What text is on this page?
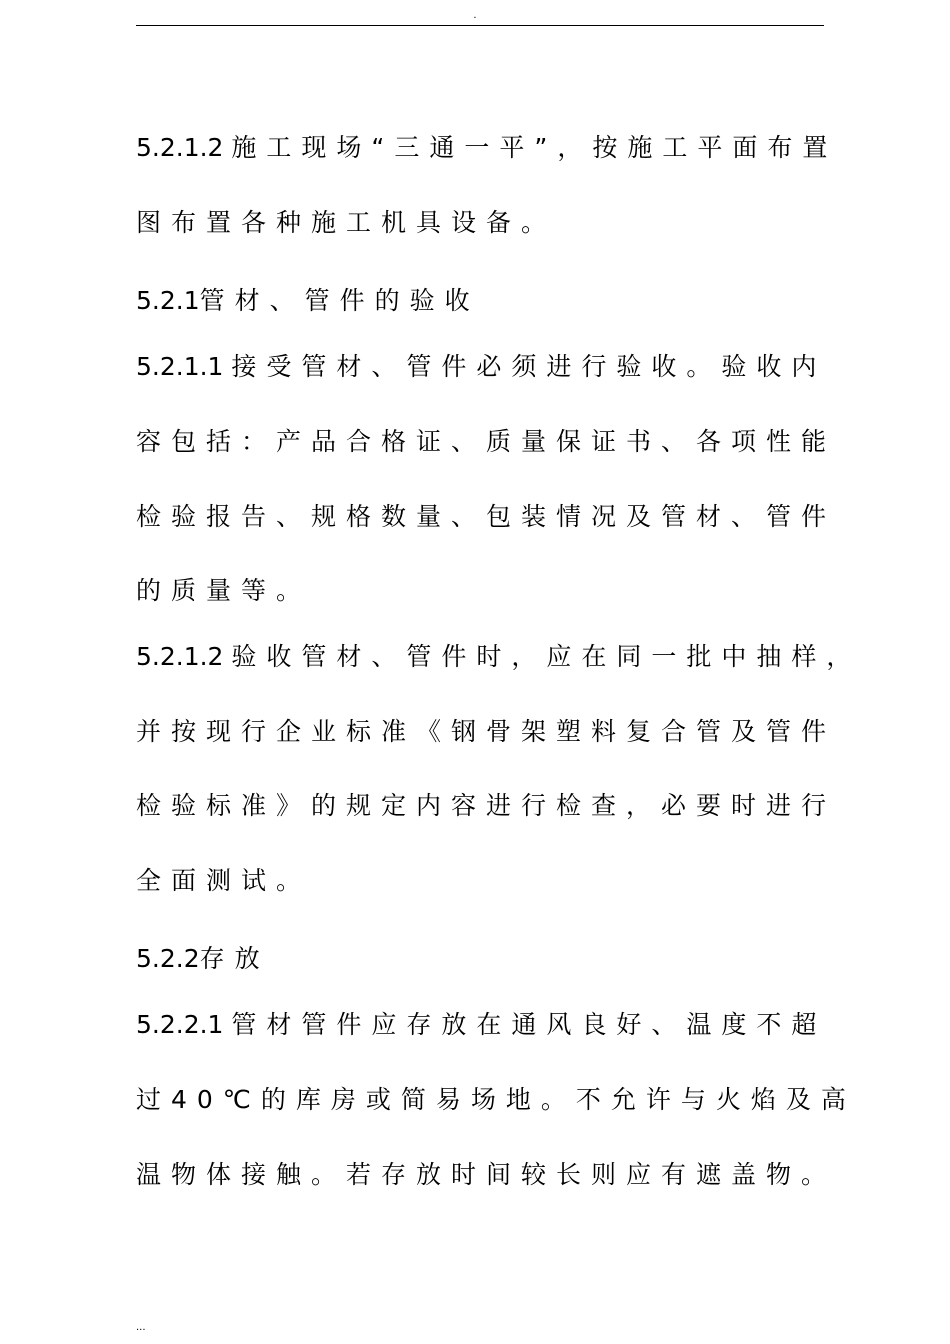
.
5.2.1.2 施工现场“三通一平”，按施工平面布置
图布置各种施工机具设备。
5.2.1管材、管件的验收
5.2.1.1 接受管材、管件必须进行验收。验收内
容包括：产品合格证、质量保证书、各项性能
检验报告、规格数量、包装情况及管材、管件
的质量等。
5.2.1.2 验收管材、管件时，应在同一批中抽样，
并按现行企业标准《钢骨架塑料复合管及管件
检验标准》的规定内容进行检查，必要时进行
全面测试。
5.2.2存放
5.2.2.1 管材管件应存放在通风良好、温度不超
过40℃的库房或简易场地。不允许与火焰及高
温物体接触。若存放时间较长则应有遮盖物。
...
